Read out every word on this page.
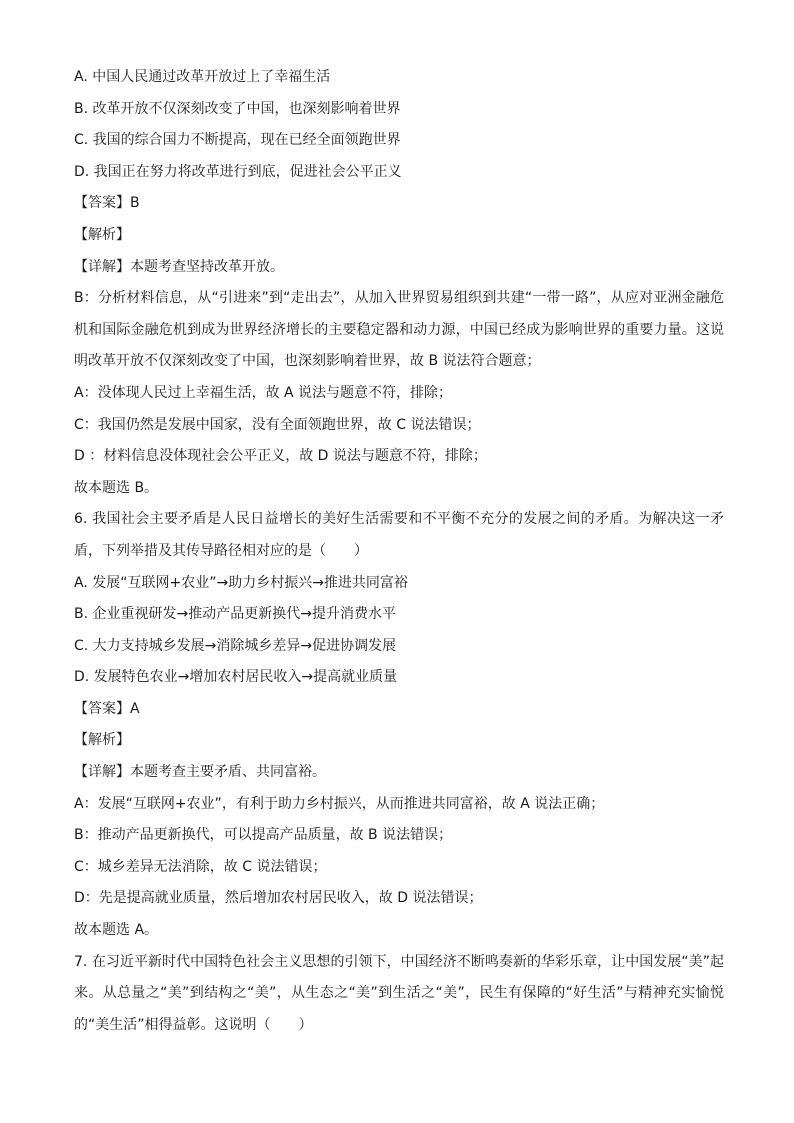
A. 中国人民通过改革开放过上了幸福生活
B. 改革开放不仅深刻改变了中国，也深刻影响着世界
C. 我国的综合国力不断提高，现在已经全面领跑世界
D. 我国正在努力将改革进行到底，促进社会公平正义
【答案】B
【解析】
【详解】本题考查坚持改革开放。
B：分析材料信息，从“引进来”到“走出去”，从加入世界贸易组织到共建“一带一路”，从应对亚洲金融危机和国际金融危机到成为世界经济增长的主要稳定器和动力源，中国已经成为影响世界的重要力量。这说明改革开放不仅深刻改变了中国，也深刻影响着世界，故 B 说法符合题意；
A：没体现人民过上幸福生活，故 A 说法与题意不符，排除；
C：我国仍然是发展中国家，没有全面领跑世界，故 C 说法错误；
D ：材料信息没体现社会公平正义，故 D 说法与题意不符，排除；
故本题选 B。
6. 我国社会主要矛盾是人民日益增长的美好生活需要和不平衡不充分的发展之间的矛盾。为解决这一矛盾，下列举措及其传导路径相对应的是（　　）
A. 发展“互联网+农业”→助力乡村振兴→推进共同富裕
B. 企业重视研发→推动产品更新换代→提升消费水平
C. 大力支持城乡发展→消除城乡差异→促进协调发展
D. 发展特色农业→增加农村居民收入→提高就业质量
【答案】A
【解析】
【详解】本题考查主要矛盾、共同富裕。
A：发展“互联网+农业”，有利于助力乡村振兴，从而推进共同富裕，故 A 说法正确；
B：推动产品更新换代，可以提高产品质量，故 B 说法错误；
C：城乡差异无法消除，故 C 说法错误；
D：先是提高就业质量，然后增加农村居民收入，故 D 说法错误；
故本题选 A。
7. 在习近平新时代中国特色社会主义思想的引领下，中国经济不断鸣奏新的华彩乐章，让中国发展“美”起来。从总量之“美”到结构之“美”，从生态之“美”到生活之“美”，民生有保障的“好生活”与精神充实愉悦的“美生活”相得益彰。这说明（　　）
